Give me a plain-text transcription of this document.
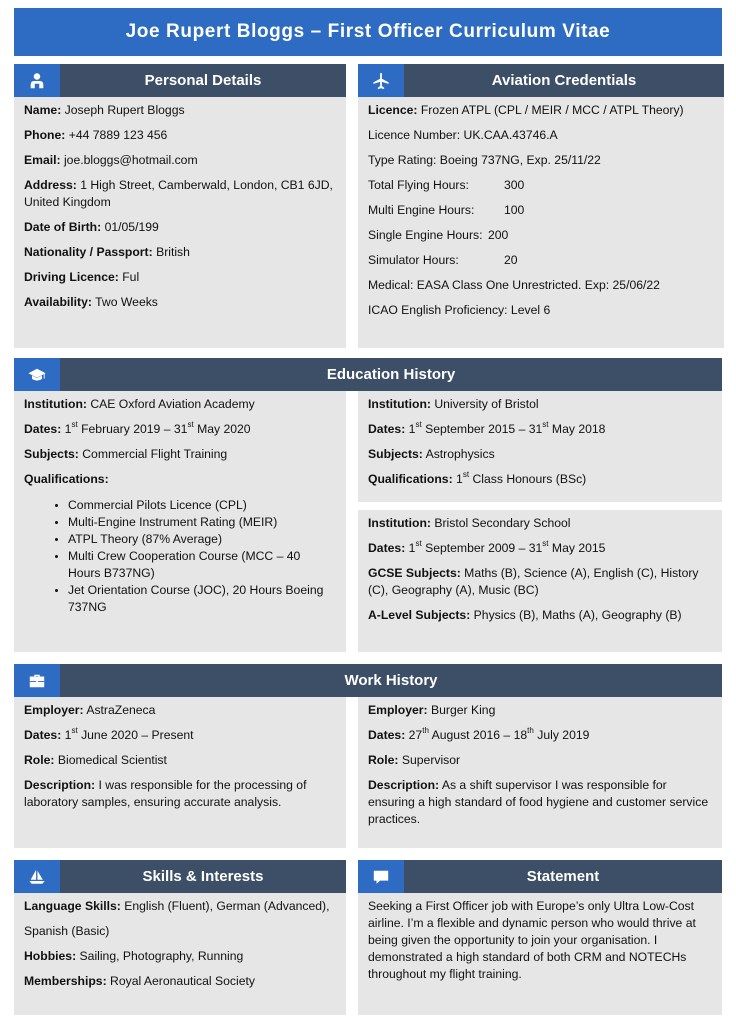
Joe Rupert Bloggs – First Officer Curriculum Vitae
Personal Details

Name: Joseph Rupert Bloggs

Phone: +44 7889 123 456

Email: joe.bloggs@hotmail.com

Address: 1 High Street, Camberwald, London, CB1 6JD, United Kingdom

Date of Birth: 01/05/199

Nationality / Passport: British

Driving Licence: Ful

Availability: Two Weeks

Aviation Credentials

Licence: Frozen ATPL (CPL / MEIR / MCC / ATPL Theory)

Licence Number: UK.CAA.43746.A

Type Rating: Boeing 737NG, Exp. 25/11/22

Total Flying Hours:	300

Multi Engine Hours:	100

Single Engine Hours: 200

Simulator Hours:	20

Medical: EASA Class One Unrestricted. Exp: 25/06/22

ICAO English Proficiency: Level 6

Education History

Institution: CAE Oxford Aviation Academy

Dates: 1st February 2019 – 31st May 2020

Subjects: Commercial Flight Training

Qualifications:

• Commercial Pilots Licence (CPL)
• Multi-Engine Instrument Rating (MEIR)
• ATPL Theory (87% Average)
• Multi Crew Cooperation Course (MCC – 40 Hours B737NG)
• Jet Orientation Course (JOC), 20 Hours Boeing 737NG

Institution: University of Bristol

Dates: 1st September 2015 – 31st May 2018

Subjects: Astrophysics

Qualifications: 1st Class Honours (BSc)

Institution: Bristol Secondary School

Dates: 1st September 2009 – 31st May 2015

GCSE Subjects: Maths (B), Science (A), English (C), History (C), Geography (A), Music (BC)

A-Level Subjects: Physics (B), Maths (A), Geography (B)

Work History

Employer: AstraZeneca

Dates: 1st June 2020 – Present

Role: Biomedical Scientist

Description: I was responsible for the processing of laboratory samples, ensuring accurate analysis.

Employer: Burger King

Dates: 27th August 2016 – 18th July 2019

Role: Supervisor

Description: As a shift supervisor I was responsible for ensuring a high standard of food hygiene and customer service practices.

Skills & Interests

Language Skills: English (Fluent), German (Advanced),

Spanish (Basic)

Hobbies: Sailing, Photography, Running

Memberships: Royal Aeronautical Society

Statement

Seeking a First Officer job with Europe’s only Ultra Low-Cost airline. I’m a flexible and dynamic person who would thrive at being given the opportunity to join your organisation. I demonstrated a high standard of both CRM and NOTECHs throughout my flight training.
